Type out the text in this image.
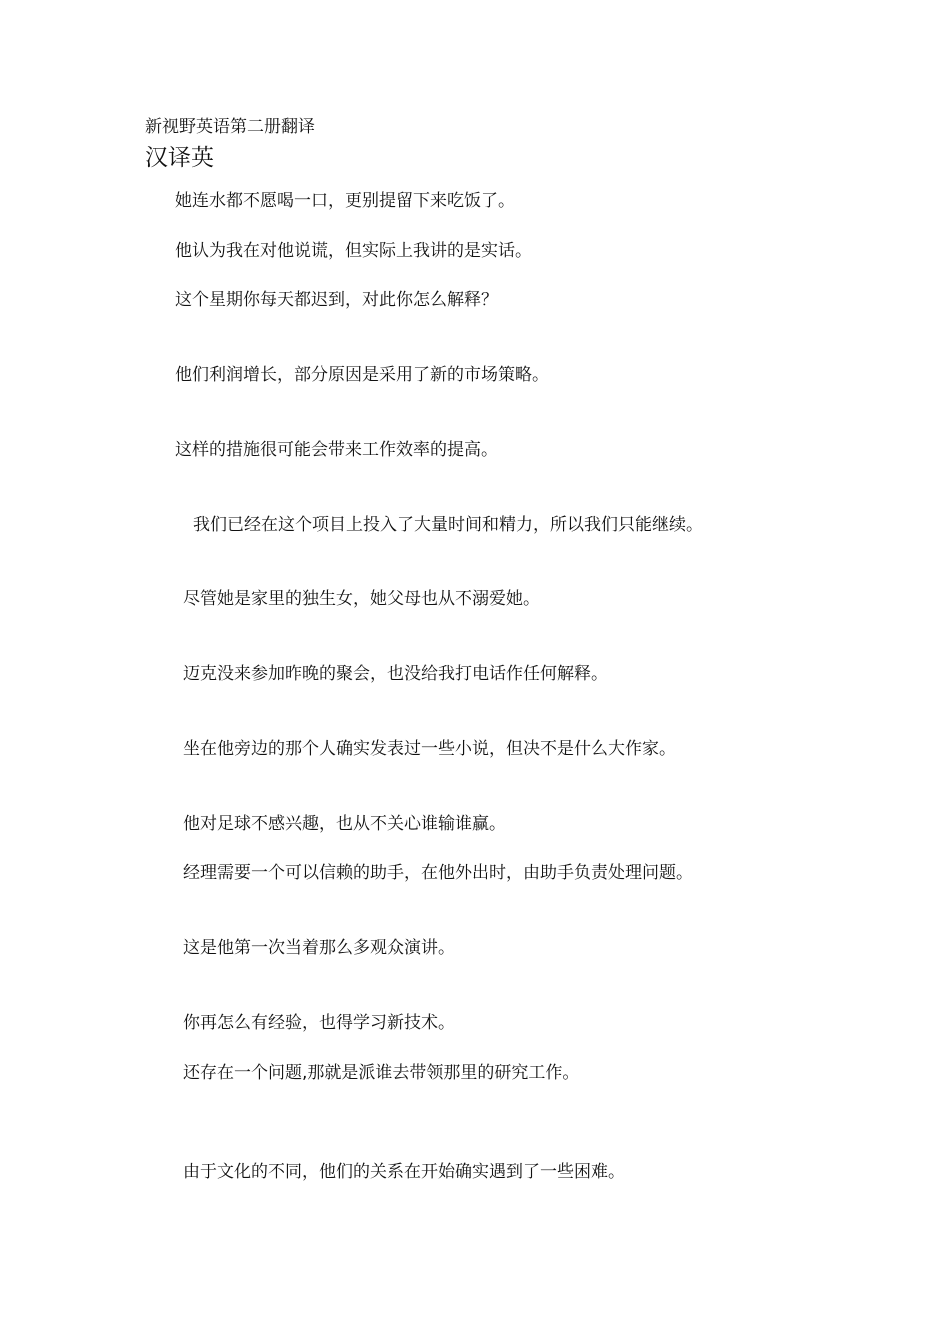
新视野英语第二册翻译
汉译英
她连水都不愿喝一口，更别提留下来吃饭了。
他认为我在对他说谎，但实际上我讲的是实话。
这个星期你每天都迟到，对此你怎么解释？
他们利润增长，部分原因是采用了新的市场策略。
这样的措施很可能会带来工作效率的提高。
我们已经在这个项目上投入了大量时间和精力，所以我们只能继续。
尽管她是家里的独生女，她父母也从不溺爱她。
迈克没来参加昨晚的聚会，也没给我打电话作任何解释。
坐在他旁边的那个人确实发表过一些小说，但决不是什么大作家。
他对足球不感兴趣，也从不关心谁输谁赢。
经理需要一个可以信赖的助手，在他外出时，由助手负责处理问题。
这是他第一次当着那么多观众演讲。
你再怎么有经验，也得学习新技术。
还存在一个问题,那就是派谁去带领那里的研究工作。
由于文化的不同，他们的关系在开始确实遇到了一些困难。
